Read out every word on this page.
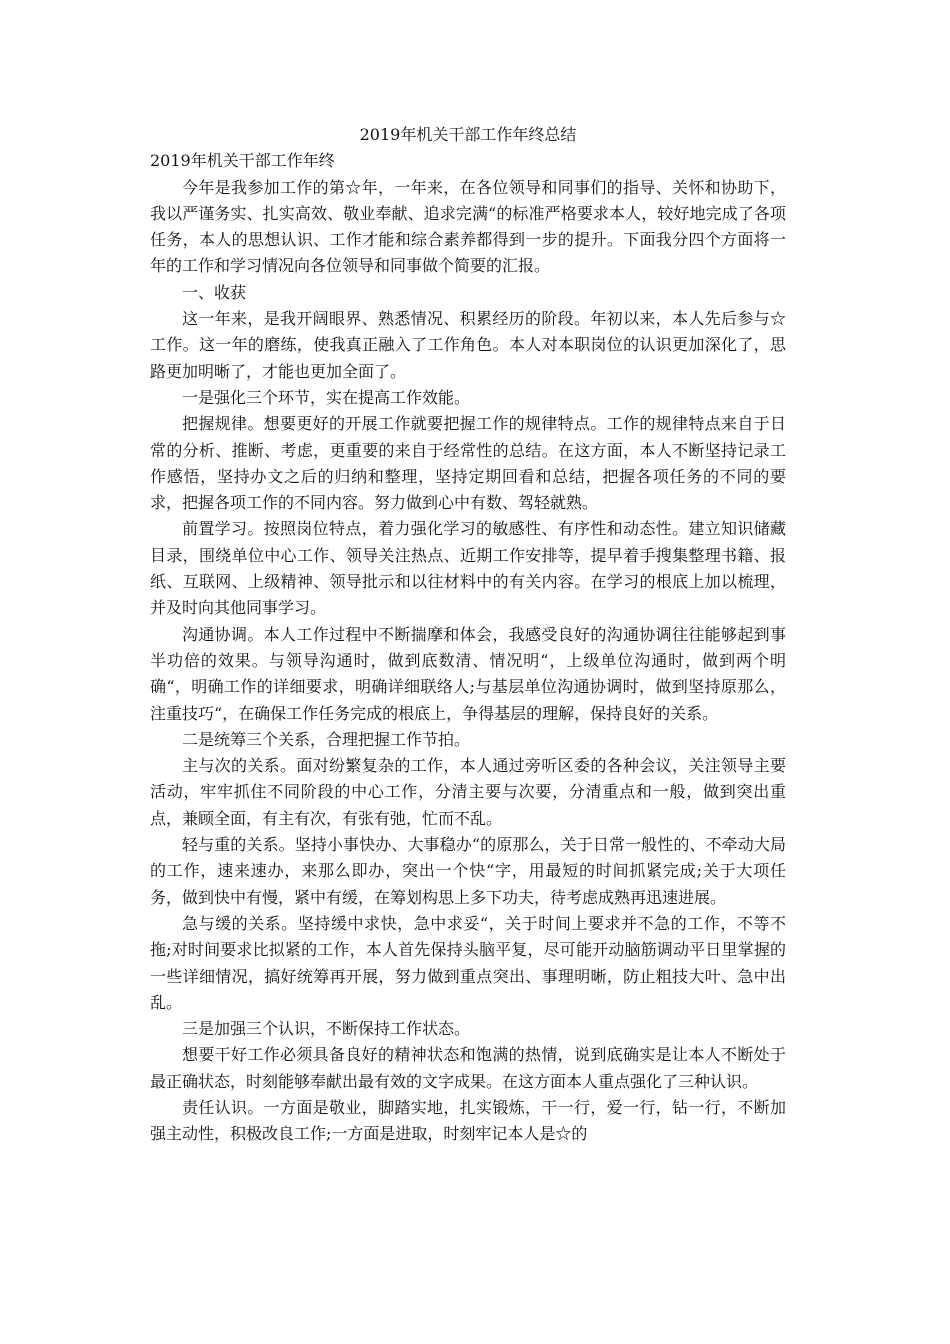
2019年机关干部工作年终总结

2019年机关干部工作年终

今年是我参加工作的第☆年，一年来，在各位领导和同事们的指导、关怀和协助下，我以严谨务实、扎实高效、敬业奉献、追求完满“的标准严格要求本人，较好地完成了各项任务，本人的思想认识、工作才能和综合素养都得到一步的提升。下面我分四个方面将一年的工作和学习情况向各位领导和同事做个简要的汇报。

一、收获

这一年来，是我开阔眼界、熟悉情况、积累经历的阶段。年初以来，本人先后参与☆工作。这一年的磨练，使我真正融入了工作角色。本人对本职岗位的认识更加深化了，思路更加明晰了，才能也更加全面了。

一是强化三个环节，实在提高工作效能。

把握规律。想要更好的开展工作就要把握工作的规律特点。工作的规律特点来自于日常的分析、推断、考虑，更重要的来自于经常性的总结。在这方面，本人不断坚持记录工作感悟，坚持办文之后的归纳和整理，坚持定期回看和总结，把握各项任务的不同的要求，把握各项工作的不同内容。努力做到心中有数、驾轻就熟。

前置学习。按照岗位特点，着力强化学习的敏感性、有序性和动态性。建立知识储藏目录，围绕单位中心工作、领导关注热点、近期工作安排等，提早着手搜集整理书籍、报纸、互联网、上级精神、领导批示和以往材料中的有关内容。在学习的根底上加以梳理，并及时向其他同事学习。

沟通协调。本人工作过程中不断揣摩和体会，我感受良好的沟通协调往往能够起到事半功倍的效果。与领导沟通时，做到底数清、情况明“，上级单位沟通时，做到两个明确“，明确工作的详细要求，明确详细联络人;与基层单位沟通协调时，做到坚持原那么，注重技巧“，在确保工作任务完成的根底上，争得基层的理解，保持良好的关系。

二是统筹三个关系，合理把握工作节拍。

主与次的关系。面对纷繁复杂的工作，本人通过旁听区委的各种会议，关注领导主要活动，牢牢抓住不同阶段的中心工作，分清主要与次要，分清重点和一般，做到突出重点，兼顾全面，有主有次，有张有弛，忙而不乱。

轻与重的关系。坚持小事快办、大事稳办“的原那么，关于日常一般性的、不牵动大局的工作，速来速办，来那么即办，突出一个快“字，用最短的时间抓紧完成;关于大项任务，做到快中有慢，紧中有缓，在筹划构思上多下功夫，待考虑成熟再迅速进展。

急与缓的关系。坚持缓中求快，急中求妥“，关于时间上要求并不急的工作，不等不拖;对时间要求比拟紧的工作，本人首先保持头脑平复，尽可能开动脑筋调动平日里掌握的一些详细情况，搞好统筹再开展，努力做到重点突出、事理明晰，防止粗技大叶、急中出乱。

三是加强三个认识，不断保持工作状态。

想要干好工作必须具备良好的精神状态和饱满的热情，说到底确实是让本人不断处于最正确状态，时刻能够奉献出最有效的文字成果。在这方面本人重点强化了三种认识。

责任认识。一方面是敬业，脚踏实地，扎实锻炼，干一行，爱一行，钻一行，不断加强主动性，积极改良工作;一方面是进取，时刻牢记本人是☆的
